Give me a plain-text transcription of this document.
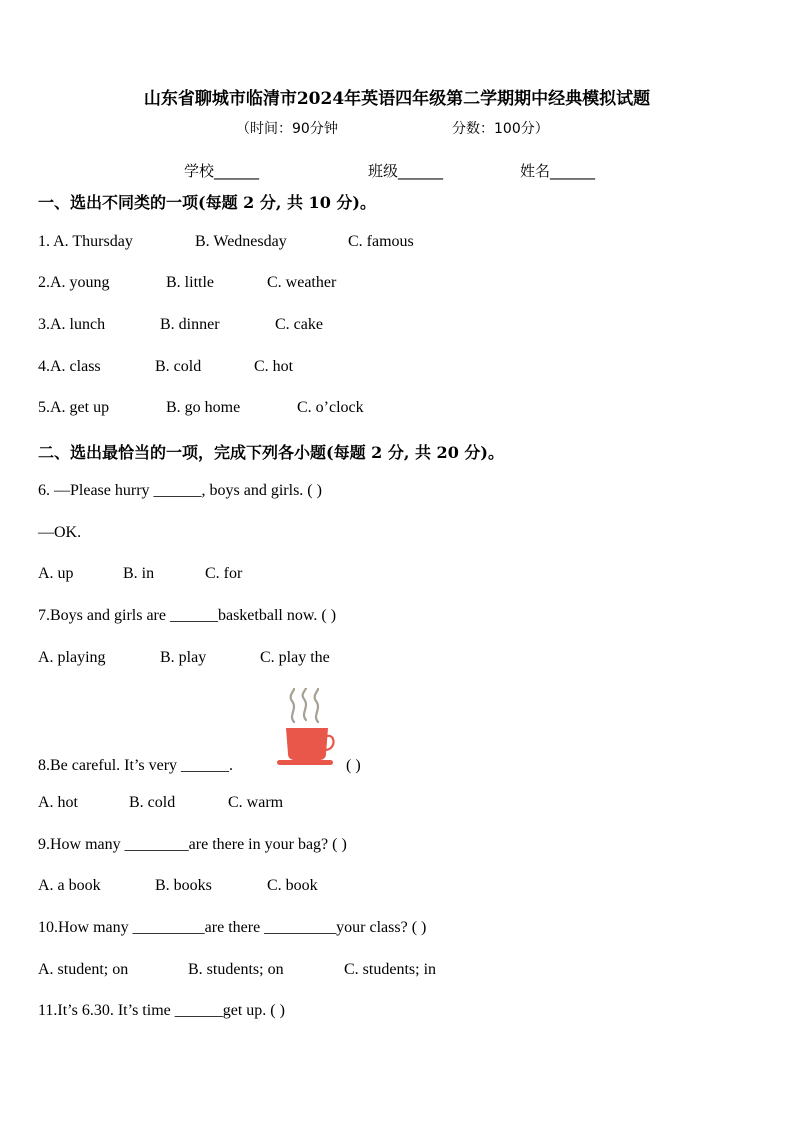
山东省聊城市临清市2024年英语四年级第二学期期中经典模拟试题
（时间：90分钟	分数：100分）
学校______	班级______	姓名______
一、选出不同类的一项(每题 2 分, 共 10 分)。
1. A. Thursday	B. Wednesday	C. famous
2.A. young	B. little	C. weather
3.A. lunch	B. dinner	C. cake
4.A. class	B. cold	C. hot
5.A. get up	B. go home	C. o’clock
二、选出最恰当的一项，完成下列各小题(每题 2 分, 共 20 分)。
6. —Please hurry ______, boys and girls. ( )
—OK.
A. up	B. in	C. for
7.Boys and girls are ______basketball now. ( )
A. playing	B. play	C. play the
8.Be careful. It’s very ______.	( )
A. hot	B. cold	C. warm
9.How many ________are there in your bag? ( )
A. a book	B. books	C. book
10.How many _________are there _________your class? ( )
A. student; on	B. students; on	C. students; in
11.It’s 6.30. It’s time ______get up. ( )
